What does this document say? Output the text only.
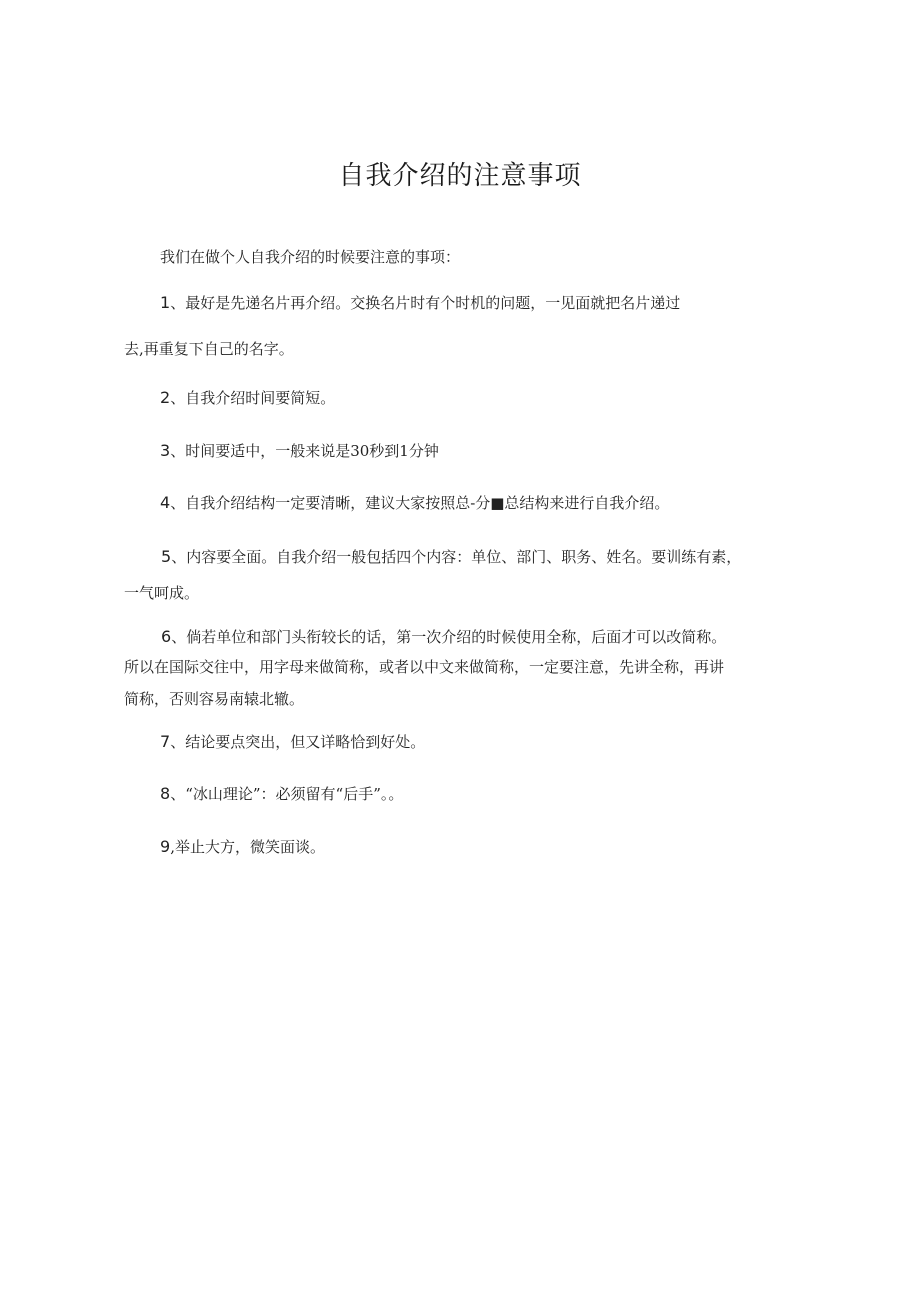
自我介绍的注意事项
我们在做个人自我介绍的时候要注意的事项：
1、最好是先递名片再介绍。交换名片时有个时机的问题，一见面就把名片递过
去,再重复下自己的名字。
2、自我介绍时间要简短。
3、时间要适中，一般来说是30秒到1分钟
4、自我介绍结构一定要清晰，建议大家按照总-分■总结构来进行自我介绍。
5、内容要全面。自我介绍一般包括四个内容：单位、部门、职务、姓名。要训练有素，
一气呵成。
6、倘若单位和部门头衔较长的话，第一次介绍的时候使用全称，后面才可以改简称。
所以在国际交往中，用字母来做简称，或者以中文来做简称，一定要注意，先讲全称，再讲
简称，否则容易南辕北辙。
7、结论要点突出，但又详略恰到好处。
8、“冰山理论”：必须留有“后手”。。
9,举止大方，微笑面谈。
